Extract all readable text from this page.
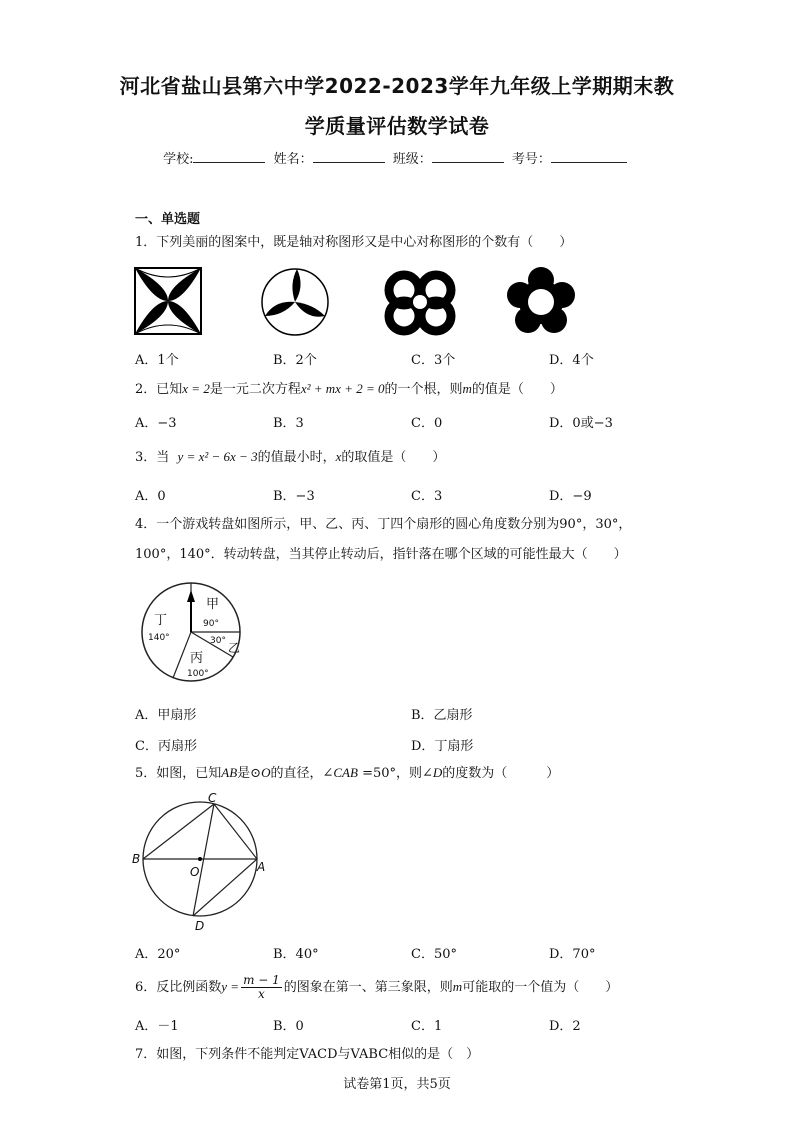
河北省盐山县第六中学2022-2023学年九年级上学期期末教
学质量评估数学试卷
学校:	姓名：	班级：	考号：
一、单选题
1．下列美丽的图案中，既是轴对称图形又是中心对称图形的个数有（　　）
A．1个	B．2个	C．3个	D．4个
2．已知x = 2是一元二次方程x² + mx + 2 = 0的一个根，则m的值是（　　）
A．−3	B．3	C．0	D．0或−3
3．当 y = x² − 6x − 3的值最小时，x的取值是（　　）
A．0	B．−3	C．3	D．−9
4．一个游戏转盘如图所示，甲、乙、丙、丁四个扇形的圆心角度数分别为90°，30°，
100°，140°．转动转盘，当其停止转动后，指针落在哪个区域的可能性最大（　　）
甲
90°
30° 乙
丁
140°
丙
100°
A．甲扇形	B．乙扇形
C．丙扇形	D．丁扇形
5．如图，已知AB是⊙O的直径，∠CAB =50°，则∠D的度数为（　　　）
C
B
A
O
D
A．20°	B．40°	C．50°	D．70°
6．反比例函数$y = \frac{m - 1}{x}$ 的图象在第一、第三象限，则m可能取的一个值为（　　）
A．－1	B．0	C．1	D．2
7．如图，下列条件不能判定VACD与VABC相似的是（　）
试卷第1页，共5页
